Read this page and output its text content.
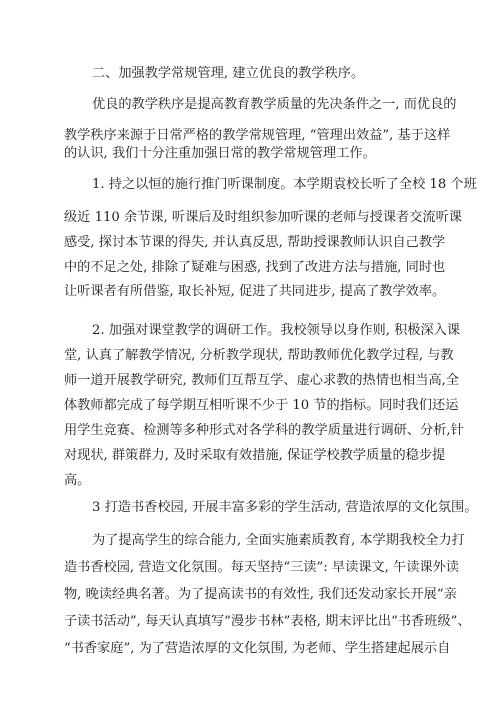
二、加强教学常规管理, 建立优良的教学秩序。
优良的教学秩序是提高教育教学质量的先决条件之一, 而优良的
教学秩序来源于日常严格的教学常规管理, “管理出效益”, 基于这样
的认识, 我们十分注重加强日常的教学常规管理工作。
1. 持之以恒的施行推门听课制度。本学期袁校长听了全校 18 个班
级近 110 余节课, 听课后及时组织参加听课的老师与授课者交流听课
感受, 探讨本节课的得失, 并认真反思, 帮助授课教师认识自己教学
中的不足之处, 排除了疑难与困惑, 找到了改进方法与措施, 同时也
让听课者有所借鉴, 取长补短, 促进了共同进步, 提高了教学效率。
2. 加强对课堂教学的调研工作。我校领导以身作则, 积极深入课
堂, 认真了解教学情况, 分析教学现状, 帮助教师优化教学过程, 与教
师一道开展教学研究, 教师们互帮互学、虚心求教的热情也相当高,全
体教师都完成了每学期互相听课不少于 10 节的指标。同时我们还运
用学生竞赛、检测等多种形式对各学科的教学质量进行调研、分析,针
对现状, 群策群力, 及时采取有效措施, 保证学校教学质量的稳步提
高。
3 打造书香校园, 开展丰富多彩的学生活动, 营造浓厚的文化氛围。
为了提高学生的综合能力, 全面实施素质教育, 本学期我校全力打
造书香校园, 营造文化氛围。每天坚持“三读”: 早读课文, 午读课外读
物, 晚读经典名著。为了提高读书的有效性, 我们还发动家长开展“亲
子读书活动”, 每天认真填写“漫步书林”表格, 期末评比出“书香班级”、
“书香家庭”, 为了营造浓厚的文化氛围, 为老师、学生搭建起展示自
